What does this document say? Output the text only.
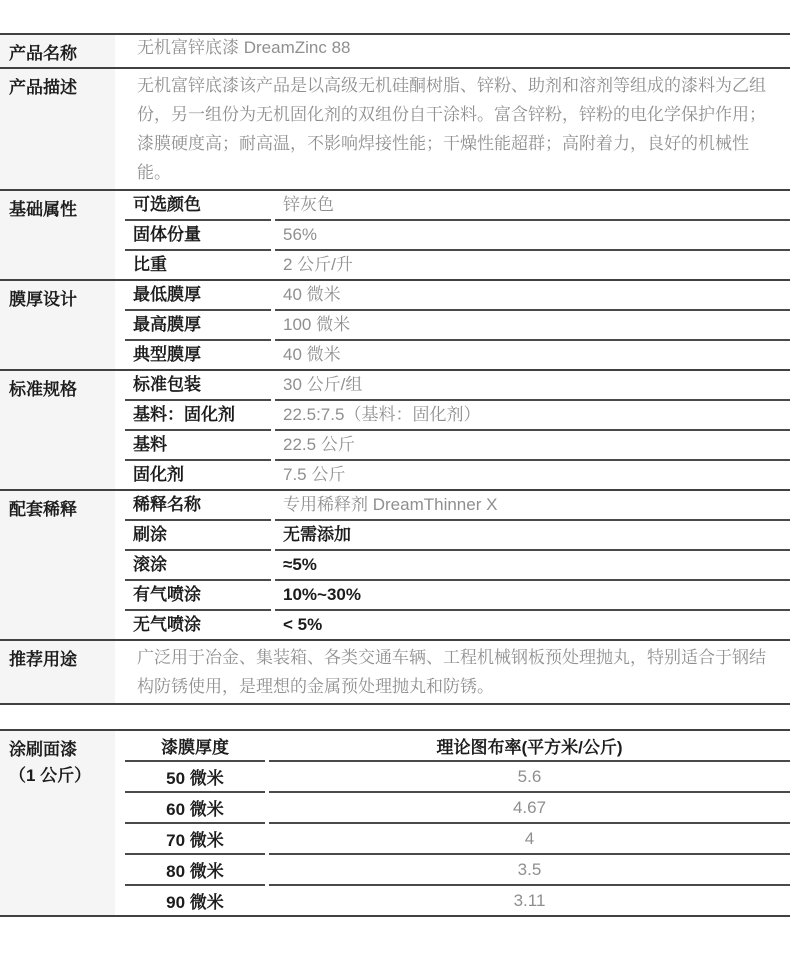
产品名称	无机富锌底漆 DreamZinc 88
产品描述	无机富锌底漆该产品是以高级无机硅酮树脂、锌粉、助剂和溶剂等组成的漆料为乙组份，另一组份为无机固化剂的双组份自干涂料。富含锌粉，锌粉的电化学保护作用；漆膜硬度高；耐高温，不影响焊接性能；干燥性能超群；高附着力，良好的机械性能。
基础属性	可选颜色	锌灰色
固体份量	56%
比重	2 公斤/升
膜厚设计	最低膜厚	40 微米
最高膜厚	100 微米
典型膜厚	40 微米
标准规格	标准包装	30 公斤/组
基料：固化剂	22.5:7.5（基料：固化剂）
基料	22.5 公斤
固化剂	7.5 公斤
配套稀释	稀释名称	专用稀释剂 DreamThinner X
刷涂	无需添加
滚涂	≈5%
有气喷涂	10%~30%
无气喷涂	< 5%
推荐用途	广泛用于冶金、集装箱、各类交通车辆、工程机械钢板预处理抛丸，特别适合于钢结构防锈使用，是理想的金属预处理抛丸和防锈。
涂刷面漆
（1 公斤）
漆膜厚度	理论图布率(平方米/公斤)
50 微米	5.6
60 微米	4.67
70 微米	4
80 微米	3.5
90 微米	3.11
